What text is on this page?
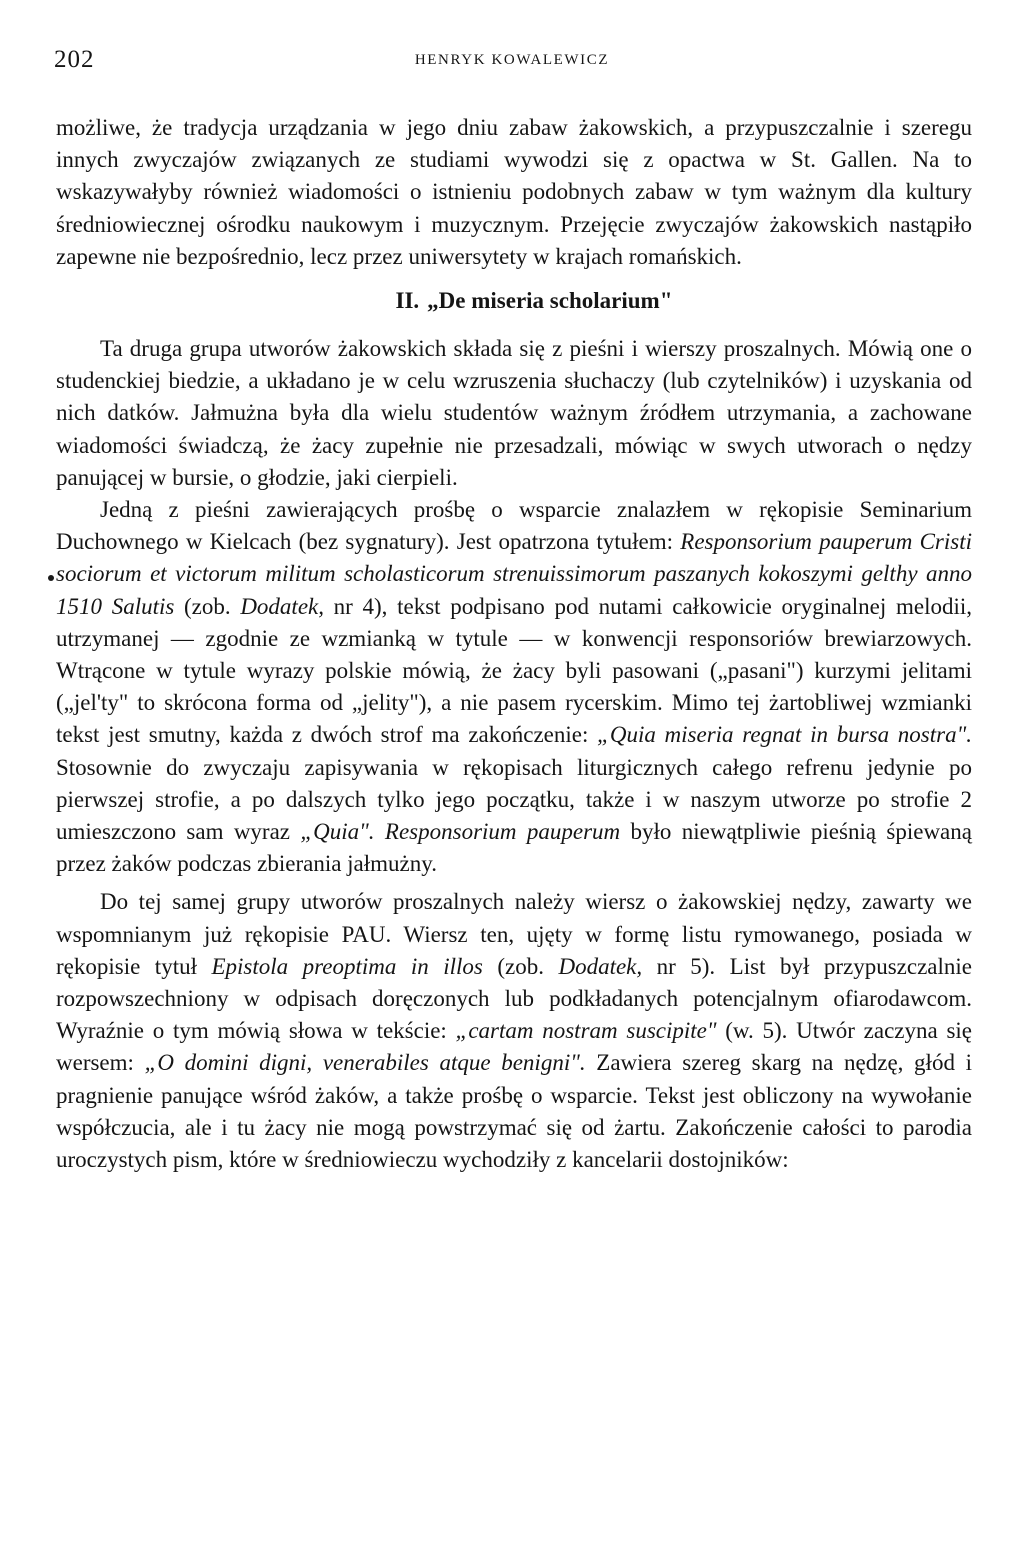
202	HENRYK KOWALEWICZ

możliwe, że tradycja urządzania w jego dniu zabaw żakowskich, a przypuszczalnie i szeregu innych zwyczajów związanych ze studiami wywodzi się z opactwa w St. Gallen. Na to wskazywałyby również wiadomości o istnieniu podobnych zabaw w tym ważnym dla kultury średniowiecznej ośrodku naukowym i muzycznym. Przejęcie zwyczajów żakowskich nastąpiło zapewne nie bezpośrednio, lecz przez uniwersytety w krajach romańskich.

II. „De miseria scholarium"

Ta druga grupa utworów żakowskich składa się z pieśni i wierszy proszalnych. Mówią one o studenckiej biedzie, a układano je w celu wzruszenia słuchaczy (lub czytelników) i uzyskania od nich datków. Jałmużna była dla wielu studentów ważnym źródłem utrzymania, a zachowane wiadomości świadczą, że żacy zupełnie nie przesadzali, mówiąc w swych utworach o nędzy panującej w bursie, o głodzie, jaki cierpieli.

Jedną z pieśni zawierających prośbę o wsparcie znalazłem w rękopisie Seminarium Duchownego w Kielcach (bez sygnatury). Jest opatrzona tytułem: Responsorium pauperum Cristi sociorum et victorum militum scholasticorum strenuissimorum paszanych kokoszymi gelthy anno 1510 Salutis (zob. Dodatek, nr 4), tekst podpisano pod nutami całkowicie oryginalnej melodii, utrzymanej — zgodnie ze wzmianką w tytule — w konwencji responsoriów brewiarzowych. Wtrącone w tytule wyrazy polskie mówią, że żacy byli pasowani („pasani") kurzymi jelitami („jel'ty" to skrócona forma od „jelity"), a nie pasem rycerskim. Mimo tej żartobliwej wzmianki tekst jest smutny, każda z dwóch strof ma zakończenie: „Quia miseria regnat in bursa nostra". Stosownie do zwyczaju zapisywania w rękopisach liturgicznych całego refrenu jedynie po pierwszej strofie, a po dalszych tylko jego początku, także i w naszym utworze po strofie 2 umieszczono sam wyraz „Quia". Responsorium pauperum było niewątpliwie pieśnią śpiewaną przez żaków podczas zbierania jałmużny.

Do tej samej grupy utworów proszalnych należy wiersz o żakowskiej nędzy, zawarty we wspomnianym już rękopisie PAU. Wiersz ten, ujęty w formę listu rymowanego, posiada w rękopisie tytuł Epistola preoptima in illos (zob. Dodatek, nr 5). List był przypuszczalnie rozpowszechniony w odpisach doręczonych lub podkładanych potencjalnym ofiarodawcom. Wyraźnie o tym mówią słowa w tekście: „cartam nostram suscipite" (w. 5). Utwór zaczyna się wersem: „O domini digni, venerabiles atque benigni". Zawiera szereg skarg na nędzę, głód i pragnienie panujące wśród żaków, a także prośbę o wsparcie. Tekst jest obliczony na wywołanie współczucia, ale i tu żacy nie mogą powstrzymać się od żartu. Zakończenie całości to parodia uroczystych pism, które w średniowieczu wychodziły z kancelarii dostojników:
